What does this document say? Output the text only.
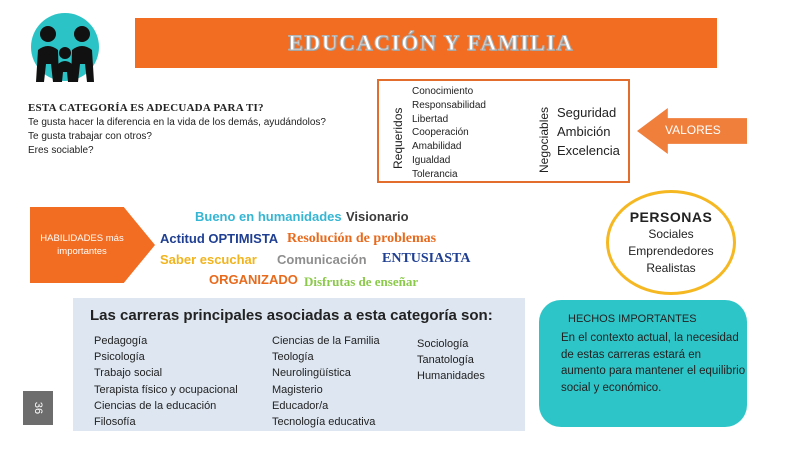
EDUCACIÓN Y FAMILIA
ESTA CATEGORÍA ES ADECUADA PARA TI?
Te gusta hacer la diferencia en la vida de los demás, ayudándolos?
Te gusta trabajar con otros?
Eres sociable?	Requeridos
Conocimiento
Responsabilidad
Libertad
Cooperación
Amabilidad
Igualdad
Tolerancia
Negociables Seguridad
Ambición
Excelencia
VALORES
HABILIDADES más importantes
Bueno en humanidades Visionario
Actitud OPTIMISTA Resolución de problemas
Saber escuchar Comunicación ENTUSIASTA
ORGANIZADO Disfrutas de enseñar
PERSONAS
Sociales
Emprendedores
Realistas
Las carreras principales asociadas a esta categoría son:
Pedagogía
Psicología
Trabajo social
Terapista físico y ocupacional
Ciencias de la educación
Filosofía
Ciencias de la Familia
Teología
Neurolingüística
Magisterio
Educador/a
Tecnología educativa
Sociología
Tanatología
Humanidades
36
HECHOS IMPORTANTES
En el contexto actual, la necesidad de estas carreras estará en aumento para mantener el equilibrio social y económico.
